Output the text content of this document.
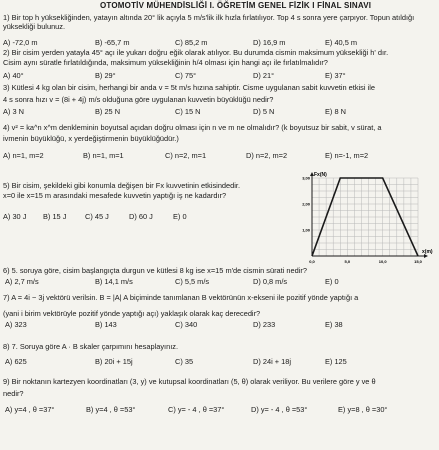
OTOMOTİV MÜHENDİSLİĞİ I. ÖĞRETİM GENEL FİZİK I FİNAL SINAVI
1) Bir top h yüksekliğinden, yatayın altında 20° lik açıyla 5 m/s'lik ilk hızla fırlatılıyor. Top 4 s sonra yere çarpıyor. Topun atıldığı
yüksekliği bulunuz.
A) -72,0 m	B) -65,7 m	C) 85,2 m	D) 16,9 m	E) 40,5 m
2) Bir cisim yerden yatayla 45° açı ile yukarı doğru eğik olarak atılıyor. Bu durumda cismin maksimum yüksekliği h' dır.
Cisim aynı süratle fırlatıldığında, maksimum yüksekliğinin h/4 olması için hangi açı ile fırlatılmalıdır?
A) 40°	B) 29°	C) 75°	D) 21°	E) 37°
3) Kütlesi 4 kg olan bir cisim, herhangi bir anda v = 5t m/s hızına sahiptir. Cisme uygulanan sabit kuvvetin etkisi ile
4 s sonra hızı v = (8i + 4j) m/s olduğuna göre uygulanan kuvvetin büyüklüğü nedir?
A) 3 N	B) 25 N	C) 15 N	D) 5 N	E) 8 N
4) v² = ka^n x^m denkleminin boyutsal açıdan doğru olması için n ve m ne olmalıdır? (k boyutsuz bir sabit, v sürat, a
ivmenin büyüklüğü, x yerdeğiştirmenin büyüklüğüdür.)
A) n=1, m=2	B) n=1, m=1	C) n=2, m=1	D) n=2, m=2	E) n=-1, m=2
5) Bir cisim, şekildeki gibi konumla değişen bir Fx kuvvetinin etkisindedir.
x=0 ile x=15 m arasındaki mesafede kuvvetin yaptığı iş ne kadardır?
A) 30 J B) 15 J	C) 45 J	D) 60 J	E) 0
0,0	5,0	10,0	15,0
1,00
2,00
3,00 Fx(N)
x(m)
6) 5. soruya göre, cisim başlangıçta durgun ve kütlesi 8 kg ise x=15 m'de cismin sürati nedir?
A) 2,7 m/s	B) 14,1 m/s	C) 5,5 m/s	D) 0,8 m/s	E) 0
7) A = 4i − 3j vektörü verilsin. B = |A| A biçiminde tanımlanan B vektörünün x-ekseni ile pozitif yönde yaptığı a
(yani i birim vektörüyle pozitif yönde yaptığı açı) yaklaşık olarak kaç derecedir?
A) 323	B) 143	C) 340	D) 233	E) 38
8) 7. Soruya göre A · B skaler çarpımını hesaplayınız.
A) 625	B) 20i + 15j	C) 35	D) 24i + 18j	E) 125
9) Bir noktanın kartezyen koordinatları (3, y) ve kutupsal koordinatları (5, θ) olarak veriliyor. Bu verilere göre y ve θ
nedir?
A) y=4 , θ =37°	B) y=4 , θ =53°	C) y= - 4 , θ =37°	D) y= - 4 , θ =53°	E) y=8 , θ =30°
